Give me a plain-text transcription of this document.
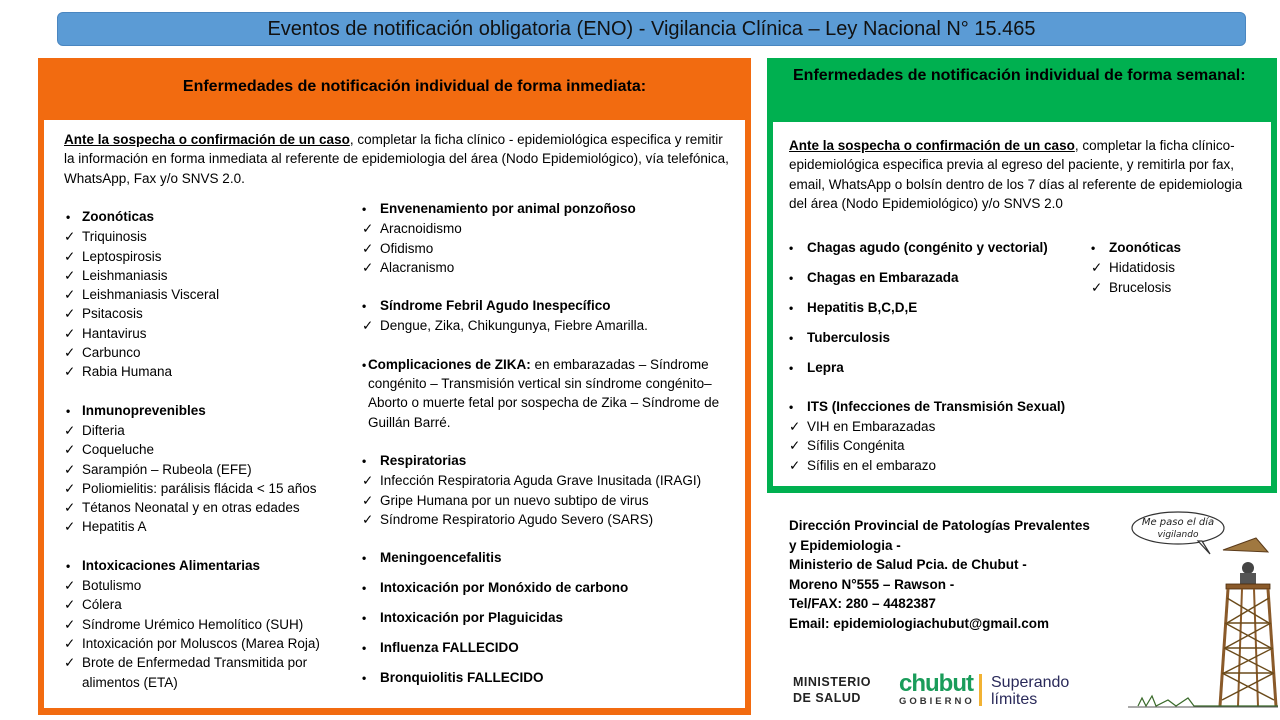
Eventos de notificación obligatoria (ENO) - Vigilancia Clínica – Ley Nacional N° 15.465
Enfermedades de notificación individual de forma inmediata:

Ante la sospecha o confirmación de un caso, completar la ficha clínico - epidemiológica especifica y remitir la información en forma inmediata al referente de epidemiologia del área (Nodo Epidemiológico), vía telefónica, WhatsApp, Fax y/o SNVS 2.0.

• Zoonóticas
✓ Triquinosis
✓ Leptospirosis
✓ Leishmaniasis
✓ Leishmaniasis Visceral
✓ Psitacosis
✓ Hantavirus
✓ Carbunco
✓ Rabia Humana
• Inmunoprevenibles
✓ Difteria
✓ Coqueluche
✓ Sarampión – Rubeola (EFE)
✓ Poliomielitis: parálisis flácida < 15 años
✓ Tétanos Neonatal y en otras edades
✓ Hepatitis A
• Intoxicaciones Alimentarias
✓ Botulismo
✓ Cólera
✓ Síndrome Urémico Hemolítico (SUH)
✓ Intoxicación por Moluscos (Marea Roja)
✓ Brote de Enfermedad Transmitida por alimentos (ETA)
•	Envenenamiento por animal ponzoñoso
✓ Aracnoidismo
✓ Ofidismo
✓ Alacranismo
•	Síndrome Febril Agudo Inespecífico
✓ Dengue, Zika, Chikungunya, Fiebre Amarilla.
• Complicaciones de ZIKA: en embarazadas – Síndrome congénito – Transmisión vertical sin síndrome congénito– Aborto o muerte fetal por sospecha de Zika – Síndrome de Guillán Barré.
•	Respiratorias
✓ Infección Respiratoria Aguda Grave Inusitada (IRAGI)
✓ Gripe Humana por un nuevo subtipo de virus
✓ Síndrome Respiratorio Agudo Severo (SARS)
•	Meningoencefalitis
•	Intoxicación por Monóxido de carbono
•	Intoxicación por Plaguicidas
•	Influenza FALLECIDO
•	Bronquiolitis FALLECIDO
Enfermedades de notificación individual de forma semanal:

Ante la sospecha o confirmación de un caso, completar la ficha clínico-epidemiológica especifica previa al egreso del paciente, y remitirla por fax, email, WhatsApp o bolsín dentro de los 7 días al referente de epidemiologia del área (Nodo Epidemiológico) y/o SNVS 2.0

•	Chagas agudo (congénito y vectorial)
•	Chagas en Embarazada
•	Hepatitis B,C,D,E
•	Tuberculosis
•	Lepra
•	ITS (Infecciones de Transmisión Sexual)
✓ VIH en Embarazadas
✓ Sífilis Congénita
✓ Sífilis en el embarazo
•	Zoonóticas
✓ Hidatidosis
✓ Brucelosis
Dirección Provincial de Patologías Prevalentes
y Epidemiologia -
Ministerio de Salud Pcia. de Chubut -
Moreno N°555 – Rawson -
Tel/FAX: 280 – 4482387
Email: epidemiologiachubut@gmail.com
MINISTERIO
DE SALUD
chubut
GOBIERNO
Superando
límites
Me paso el día
vigilando
